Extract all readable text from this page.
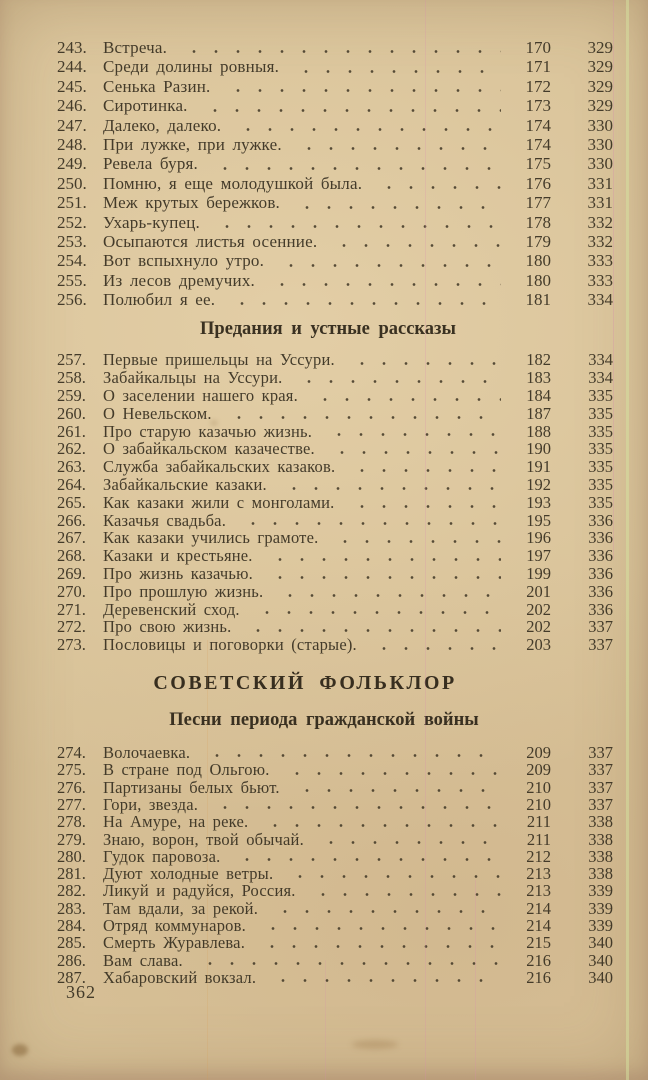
243. Встреча.	170	329
244. Среди долины ровныя.	171	329
245. Сенька Разин.	172	329
246. Сиротинка.	173	329
247. Далеко, далеко.	174	330
248. При лужке, при лужке.	174	330
249. Ревела буря.	175	330
250. Помню, я еще молодушкой была.	176	331
251. Меж крутых бережков.	177	331
252. Ухарь-купец.	178	332
253. Осыпаются листья осенние.	179	332
254. Вот вспыхнуло утро.	180	333
255. Из лесов дремучих.	180	333
256. Полюбил я ее.	181	334
Предания и устные рассказы
257.	Первые пришельцы на Уссури.	182	334
258.	Забайкальцы на Уссури.	183	334
259.	О заселении нашего края.	184	335
260.	О Невельском.	187	335
261.	Про старую казачью жизнь.	188	335
262.	О забайкальском казачестве.	190	335
263.	Служба забайкальских казаков.	191	335
264.	Забайкальские казаки.	192	335
265.	Как казаки жили с монголами.	193	335
266.	Казачья свадьба.	195	336
267.	Как казаки учились грамоте.	196	336
268.	Казаки и крестьяне.	197	336
269.	Про жизнь казачью.	199	336
270.	Про прошлую жизнь.	201	336
271.	Деревенский сход.	202	336
272.	Про свою жизнь.	202	337
273.	Пословицы и поговорки (старые).	203	337
СОВЕТСКИЙ ФОЛЬКЛОР
Песни периода гражданской войны
274.	Волочаевка.	209	337
275.	В стране под Ольгою.	209	337
276.	Партизаны белых бьют.	210	337
277.	Гори, звезда.	210	337
278.	На Амуре, на реке.	211	338
279.	Знаю, ворон, твой обычай.	211	338
280.	Гудок паровоза.	212	338
281.	Дуют холодные ветры.	213	338
282.	Ликуй и радуйся, Россия.	213	339
283.	Там вдали, за рекой.	214	339
284.	Отряд коммунаров.	214	339
285.	Смерть Журавлева.	215	340
286.	Вам слава.	216	340
287.	Хабаровский вокзал.	216	340
362
